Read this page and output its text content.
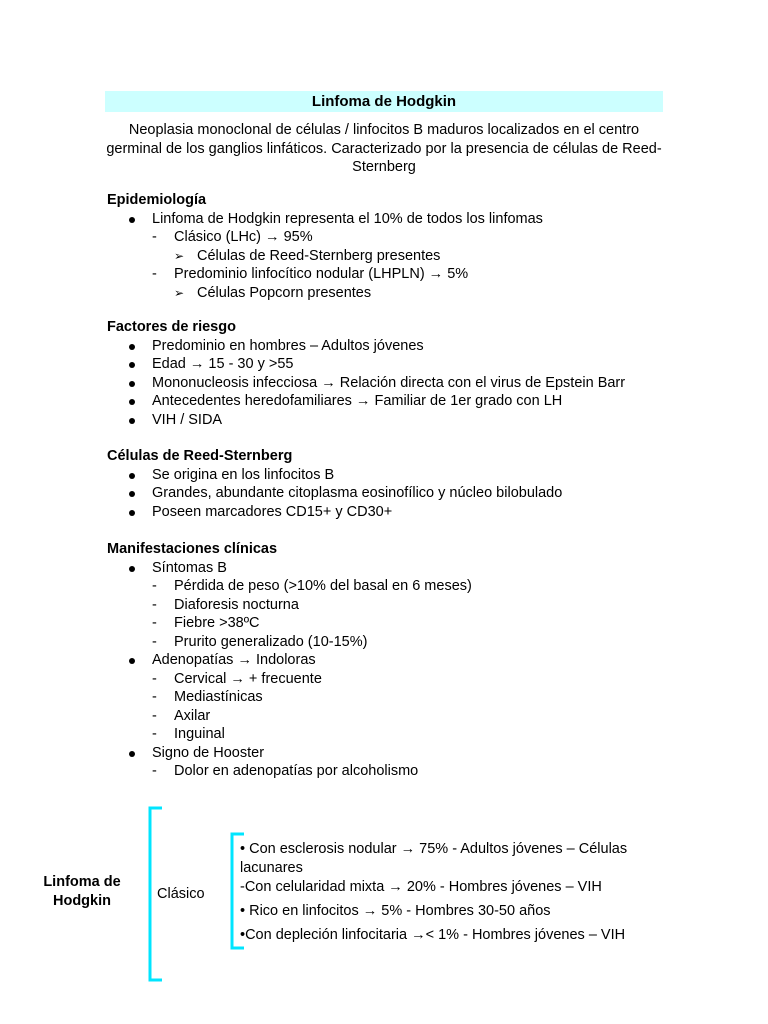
Linfoma de Hodgkin
Neoplasia monoclonal de células / linfocitos B maduros localizados en el centro germinal de los ganglios linfáticos. Caracterizado por la presencia de células de Reed-Sternberg
Epidemiología
Linfoma de Hodgkin representa el 10% de todos los linfomas
- Clásico (LHc) → 95%
➢ Células de Reed-Sternberg presentes
- Predominio linfocítico nodular (LHPLN) → 5%
➢ Células Popcorn presentes
Factores de riesgo
Predominio en hombres – Adultos jóvenes
Edad → 15 - 30 y >55
Mononucleosis infecciosa → Relación directa con el virus de Epstein Barr
Antecedentes heredofamiliares → Familiar de 1er grado con LH
VIH / SIDA
Células de Reed-Sternberg
Se origina en los linfocitos B
Grandes, abundante citoplasma eosinofílico y núcleo bilobulado
Poseen marcadores CD15+ y CD30+
Manifestaciones clínicas
Síntomas B
- Pérdida de peso (>10% del basal en 6 meses)
- Diaforesis nocturna
- Fiebre >38ºC
- Prurito generalizado (10-15%)
Adenopatías → Indoloras
- Cervical → + frecuente
- Mediastínicas
- Axilar
- Inguinal
Signo de Hooster
- Dolor en adenopatías por alcoholismo
Linfoma de Hodgkin	Clásico
• Con esclerosis nodular → 75% - Adultos jóvenes – Células lacunares
-Con celularidad mixta → 20% - Hombres jóvenes – VIH
• Rico en linfocitos → 5% - Hombres 30-50 años
•Con depleción linfocitaria →< 1% - Hombres jóvenes – VIH
